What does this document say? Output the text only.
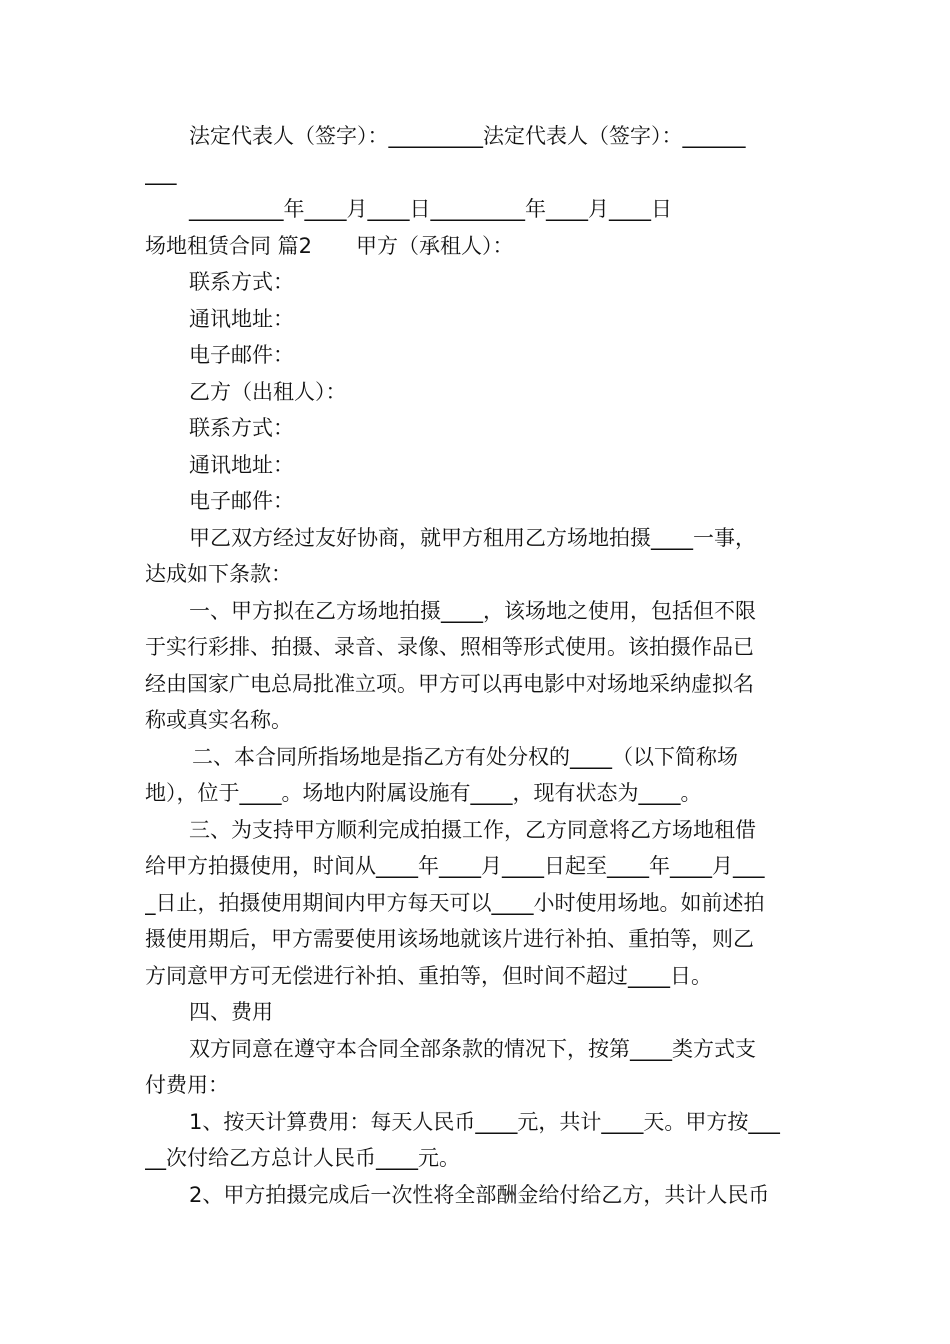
法定代表人（签字）：_________法定代表人（签字）：______
___
_________年____月____日_________年____月____日
场地租赁合同 篇2 甲方（承租人）：
联系方式：
通讯地址：
电子邮件：
乙方（出租人）：
联系方式：
通讯地址：
电子邮件：
甲乙双方经过友好协商，就甲方租用乙方场地拍摄____一事，
达成如下条款：
一、甲方拟在乙方场地拍摄____，该场地之使用，包括但不限
于实行彩排、拍摄、录音、录像、照相等形式使用。该拍摄作品已
经由国家广电总局批准立项。甲方可以再电影中对场地采纳虚拟名
称或真实名称。
二、本合同所指场地是指乙方有处分权的____（以下简称场
地），位于____。场地内附属设施有____，现有状态为____。
三、为支持甲方顺利完成拍摄工作，乙方同意将乙方场地租借
给甲方拍摄使用，时间从____年____月____日起至____年____月___
_日止，拍摄使用期间内甲方每天可以____小时使用场地。如前述拍
摄使用期后，甲方需要使用该场地就该片进行补拍、重拍等，则乙
方同意甲方可无偿进行补拍、重拍等，但时间不超过____日。
四、费用
双方同意在遵守本合同全部条款的情况下，按第____类方式支
付费用：
1、按天计算费用：每天人民币____元，共计____天。甲方按___
__次付给乙方总计人民币____元。
2、甲方拍摄完成后一次性将全部酬金给付给乙方，共计人民币
